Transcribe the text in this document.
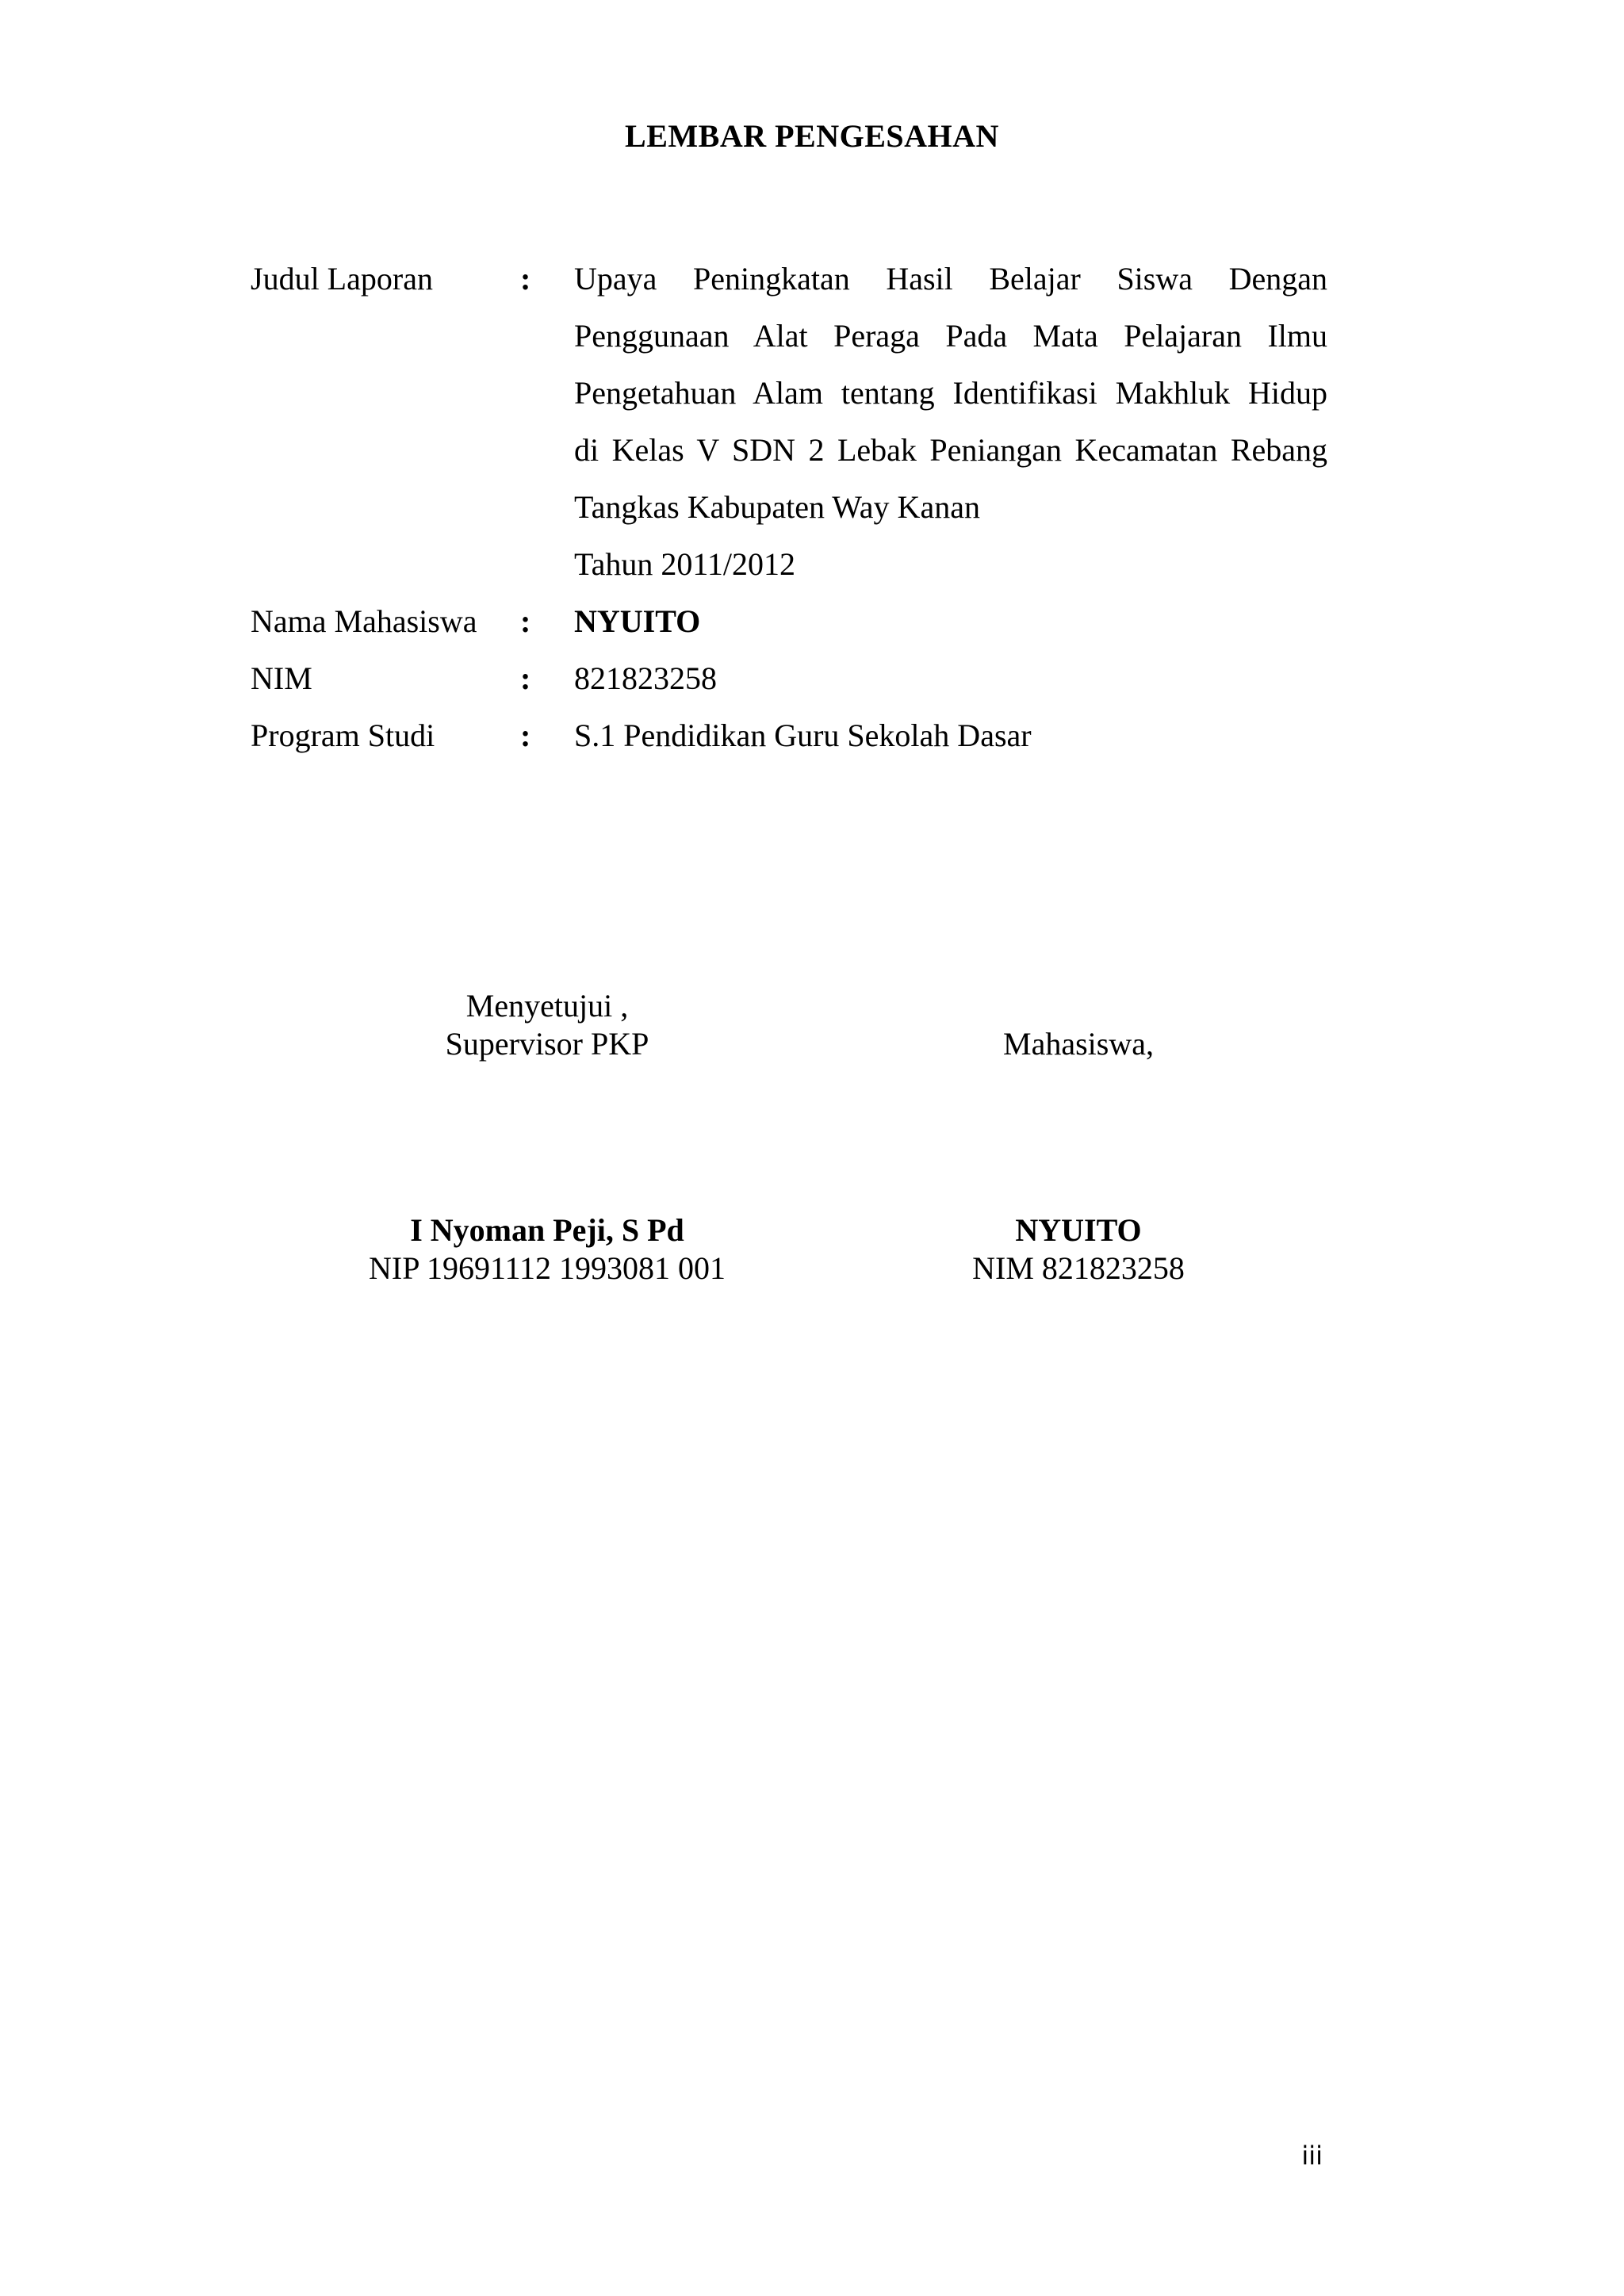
LEMBAR PENGESAHAN
Judul Laporan	: Upaya Peningkatan Hasil Belajar Siswa Dengan
Penggunaan Alat Peraga Pada Mata Pelajaran Ilmu
Pengetahuan Alam tentang Identifikasi Makhluk Hidup
di Kelas V SDN 2 Lebak Peniangan Kecamatan Rebang
Tangkas Kabupaten Way Kanan
Tahun 2011/2012
Nama Mahasiswa : NYUITO
NIM	: 821823258
Program Studi	: S.1 Pendidikan Guru Sekolah Dasar
Menyetujui ,
Supervisor PKP
I Nyoman Peji, S Pd
NIP 19691112 1993081 001
Mahasiswa,
NYUITO
NIM 821823258
iii
